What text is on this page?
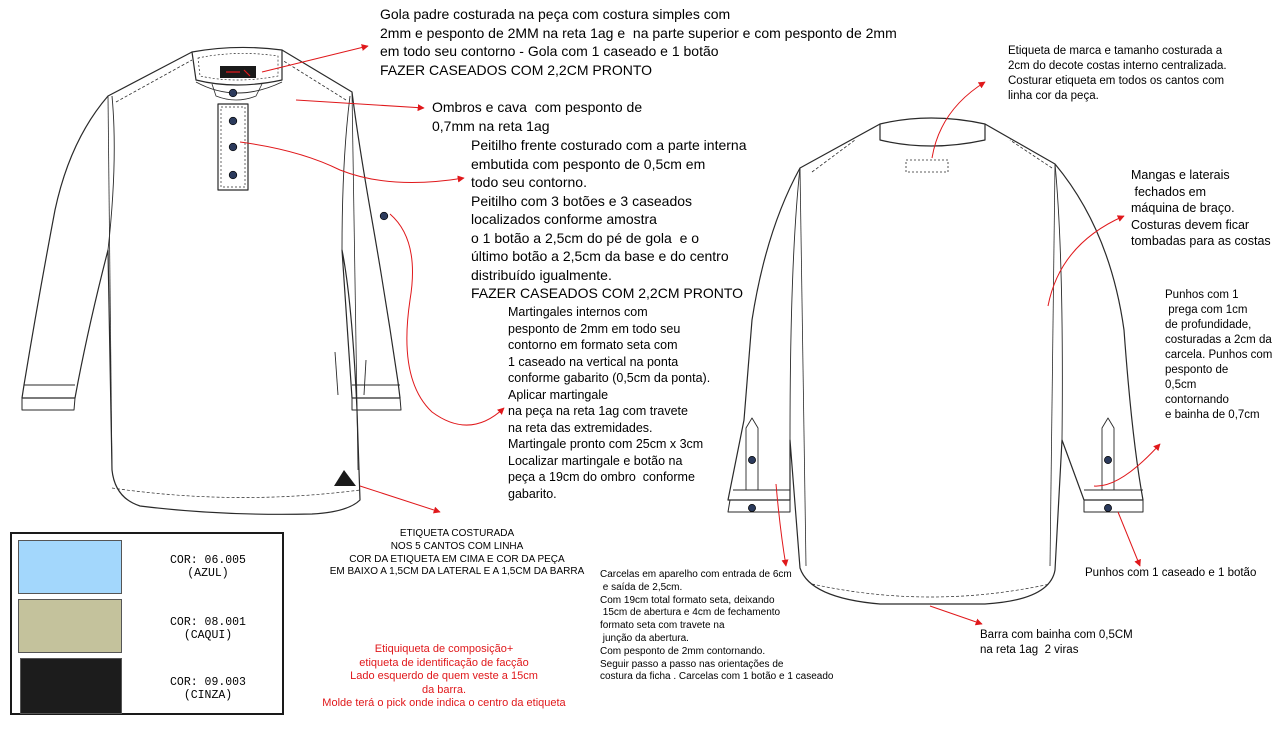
Gola padre costurada na peça com costura simples com
2mm e pesponto de 2MM na reta 1ag e  na parte superior e com pesponto de 2mm
em todo seu contorno - Gola com 1 caseado e 1 botão
FAZER CASEADOS COM 2,2CM PRONTO

Ombros e cava  com pesponto de
0,7mm na reta 1ag

Peitilho frente costurado com a parte interna
embutida com pesponto de 0,5cm em
todo seu contorno.
Peitilho com 3 botões e 3 caseados
localizados conforme amostra
o 1 botão a 2,5cm do pé de gola  e o
último botão a 2,5cm da base e do centro
distribuído igualmente.
FAZER CASEADOS COM 2,2CM PRONTO

Martingales internos com
pesponto de 2mm em todo seu
contorno em formato seta com
1 caseado na vertical na ponta
conforme gabarito (0,5cm da ponta).
Aplicar martingale
na peça na reta 1ag com travete
na reta das extremidades.
Martingale pronto com 25cm x 3cm
Localizar martingale e botão na
peça a 19cm do ombro  conforme
gabarito.

Etiqueta de marca e tamanho costurada a
2cm do decote costas interno centralizada.
Costurar etiqueta em todos os cantos com
linha cor da peça.

Mangas e laterais
fechados em
máquina de braço.
Costuras devem ficar
tombadas para as costas

Punhos com 1
prega com 1cm
de profundidade,
costuradas a 2cm da
carcela. Punhos com
pesponto de
0,5cm
contornando
e bainha de 0,7cm

Punhos com 1 caseado e 1 botão

Barra com bainha com 0,5CM
na reta 1ag  2 viras

Carcelas em aparelho com entrada de 6cm
e saída de 2,5cm.
Com 19cm total formato seta, deixando
15cm de abertura e 4cm de fechamento
formato seta com travete na
junção da abertura.
Com pesponto de 2mm contornando.
Seguir passo a passo nas orientações de
costura da ficha . Carcelas com 1 botão e 1 caseado

ETIQUETA COSTURADA
NOS 5 CANTOS COM LINHA
COR DA ETIQUETA EM CIMA E COR DA PEÇA
EM BAIXO A 1,5CM DA LATERAL E A 1,5CM DA BARRA

Etiquiqueta de composição+
etiqueta de identificação de facção
Lado esquerdo de quem veste a 15cm
da barra.
Molde terá o pick onde indica o centro da etiqueta

COR: 06.005
(AZUL)
COR: 08.001
(CAQUI)
COR: 09.003
(CINZA)
